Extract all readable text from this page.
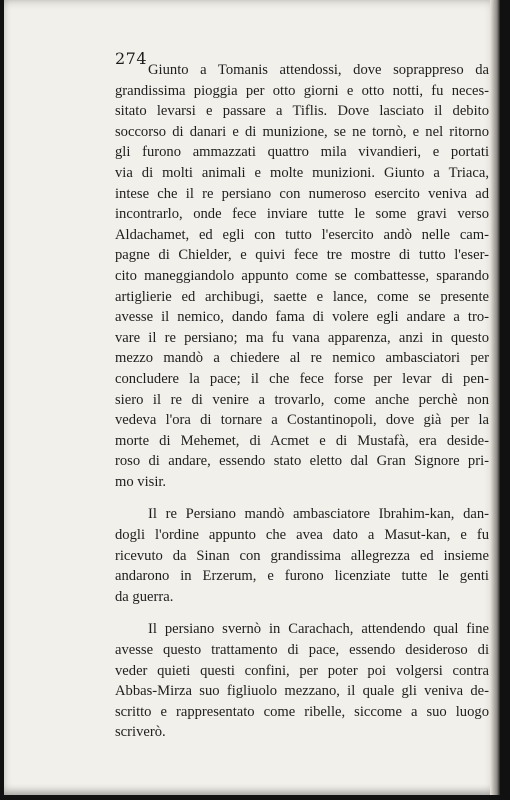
274
Giunto a Tomanis attendossi, dove soprappreso da
grandissima pioggia per otto giorni e otto notti, fu neces-
sitato levarsi e passare a Tiflis. Dove lasciato il debito
soccorso di danari e di munizione, se ne tornò, e nel ritorno
gli furono ammazzati quattro mila vivandieri, e portati
via di molti animali e molte munizioni. Giunto a Triaca,
intese che il re persiano con numeroso esercito veniva ad
incontrarlo, onde fece inviare tutte le some gravi verso
Aldachamet, ed egli con tutto l'esercito andò nelle cam-
pagne di Chielder, e quivi fece tre mostre di tutto l'eser-
cito maneggiandolo appunto come se combattesse, sparando
artiglierie ed archibugi, saette e lance, come se presente
avesse il nemico, dando fama di volere egli andare a tro-
vare il re persiano; ma fu vana apparenza, anzi in questo
mezzo mandò a chiedere al re nemico ambasciatori per
concludere la pace; il che fece forse per levar di pen-
siero il re di venire a trovarlo, come anche perchè non
vedeva l'ora di tornare a Costantinopoli, dove già per la
morte di Mehemet, di Acmet e di Mustafà, era deside-
roso di andare, essendo stato eletto dal Gran Signore pri-
mo visir.
Il re Persiano mandò ambasciatore Ibrahim-kan, dan-
dogli l'ordine appunto che avea dato a Masut-kan, e fu
ricevuto da Sinan con grandissima allegrezza ed insieme
andarono in Erzerum, e furono licenziate tutte le genti
da guerra.
Il persiano svernò in Carachach, attendendo qual fine
avesse questo trattamento di pace, essendo desideroso di
veder quieti questi confini, per poter poi volgersi contra
Abbas-Mirza suo figliuolo mezzano, il quale gli veniva de-
scritto e rappresentato come ribelle, siccome a suo luogo
scriverò.
